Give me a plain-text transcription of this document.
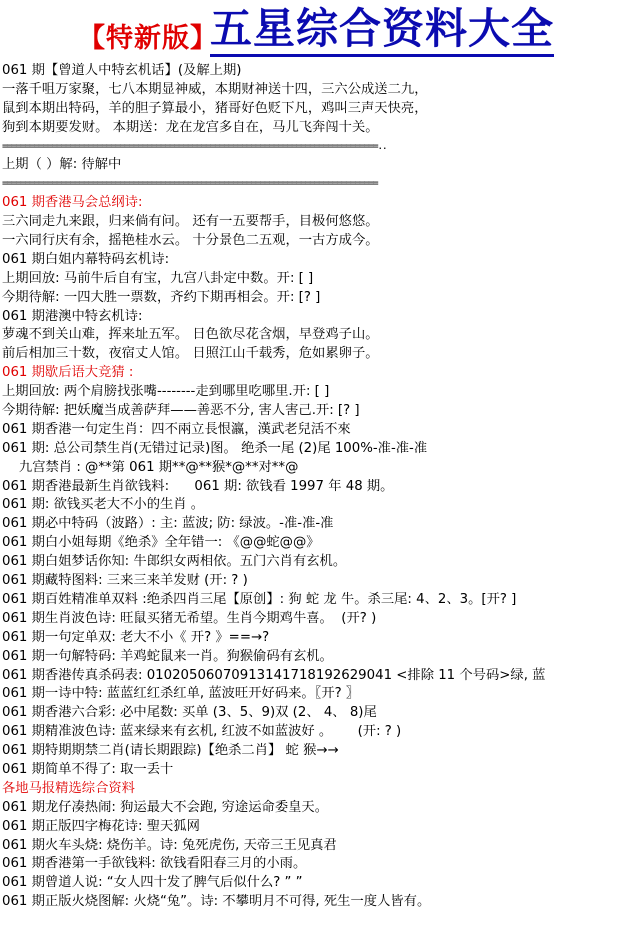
【特新版】
五星综合资料大全
061 期【曾道人中特玄机话】(及解上期)
一落千咀万家聚，七八本期显神威，本期财神送十四，三六公成送二九，
鼠到本期出特码，羊的胆子算最小，猪哥好色贬下凡，鸡叫三声天快亮，
狗到本期要发财。 本期送：龙在龙宫多自在，马儿飞奔闯十关。
===================================================================================..
上期（ ）解: 待解中
===================================================================================
061 期香港马会总纲诗:
三六同走九来跟，归来倘有问。 还有一五要帮手，目极何悠悠。
一六同行庆有余，摇艳桂水云。 十分景色二五观，一古方成今。
061 期白姐内幕特码玄机诗:
上期回放: 马前牛后自有宝，九宫八卦定中数。开: [ ]
今期待解: 一四大胜一票数，齐约下期再相会。开: [? ]
061 期港澳中特玄机诗:
萝魂不到关山难，挥来址五军。 日色欲尽花含烟，早登鸡子山。
前后相加三十数，夜宿丈人馆。 日照江山千载秀，危如累卵子。
061 期歇后语大竞猜 :
上期回放: 两个肩膀找张嘴--------走到哪里吃哪里.开: [ ]
今期待解: 把妖魔当成善萨拜——善恶不分, 害人害己.开: [? ]
061 期香港一句定生肖：四不兩立長恨瀛，漢武老兒活不來
061 期: 总公司禁生肖(无错过记录)图。 绝杀一尾 (2)尾 100%-准-准-准
九宫禁肖 : @**第 061 期**@**猴*@**对**@
061 期香港最新生肖欲钱料:      061 期: 欲钱看 1997 年 48 期。
061 期: 欲钱买老大不小的生肖 。
061 期必中特码（波路）: 主: 蓝波; 防: 绿波。-准-准-准
061 期白小姐每期《绝杀》全年错一: 《@@蛇@@》
061 期白姐梦话你知: 牛郎织女两相依。五门六肖有玄机。
061 期藏特图料: 三来三来羊发财 (开: ? )
061 期百姓精准单双料 :绝杀四肖三尾【原创】: 狗 蛇 龙 牛。杀三尾: 4、2、3。[开? ]
061 期生肖波色诗: 旺鼠买猪无希望。生肖今期鸡牛喜。  (开? )
061 期一句定单双: 老大不小《 开? 》==→?
061 期一句解特码: 羊鸡蛇鼠来一肖。狗猴偷码有玄机。
061 期香港传真杀码表: 01020506070913141718192629041 <排除 11 个号码>绿, 蓝
061 期一诗中特: 蓝蓝红红杀红单, 蓝波旺开好码来。〖开? 〗
061 期香港六合彩: 必中尾数: 买单 (3、5、9)双 (2、 4、 8)尾
061 期精准波色诗: 蓝来绿来有玄机, 红波不如蓝波好 。      (开: ? )
061 期特期期禁二肖(请长期跟踪)【绝杀二肖】 蛇 猴→→
061 期简单不得了: 取一丢十
各地马报精选综合资料
061 期龙仔凑热闹: 狗运最大不会跑, 穷途运命委皇天。
061 期正版四字梅花诗: 聖天狐网
061 期火车头烧: 烧伤羊。诗: 兔死虎伤, 天帝三王见真君
061 期香港第一手欲钱料: 欲钱看阳春三月的小雨。
061 期曾道人说: “女人四十发了脾气后似什么? ” ”
061 期正版火烧图解: 火烧“兔”。诗: 不攀明月不可得, 死生一度人皆有。
